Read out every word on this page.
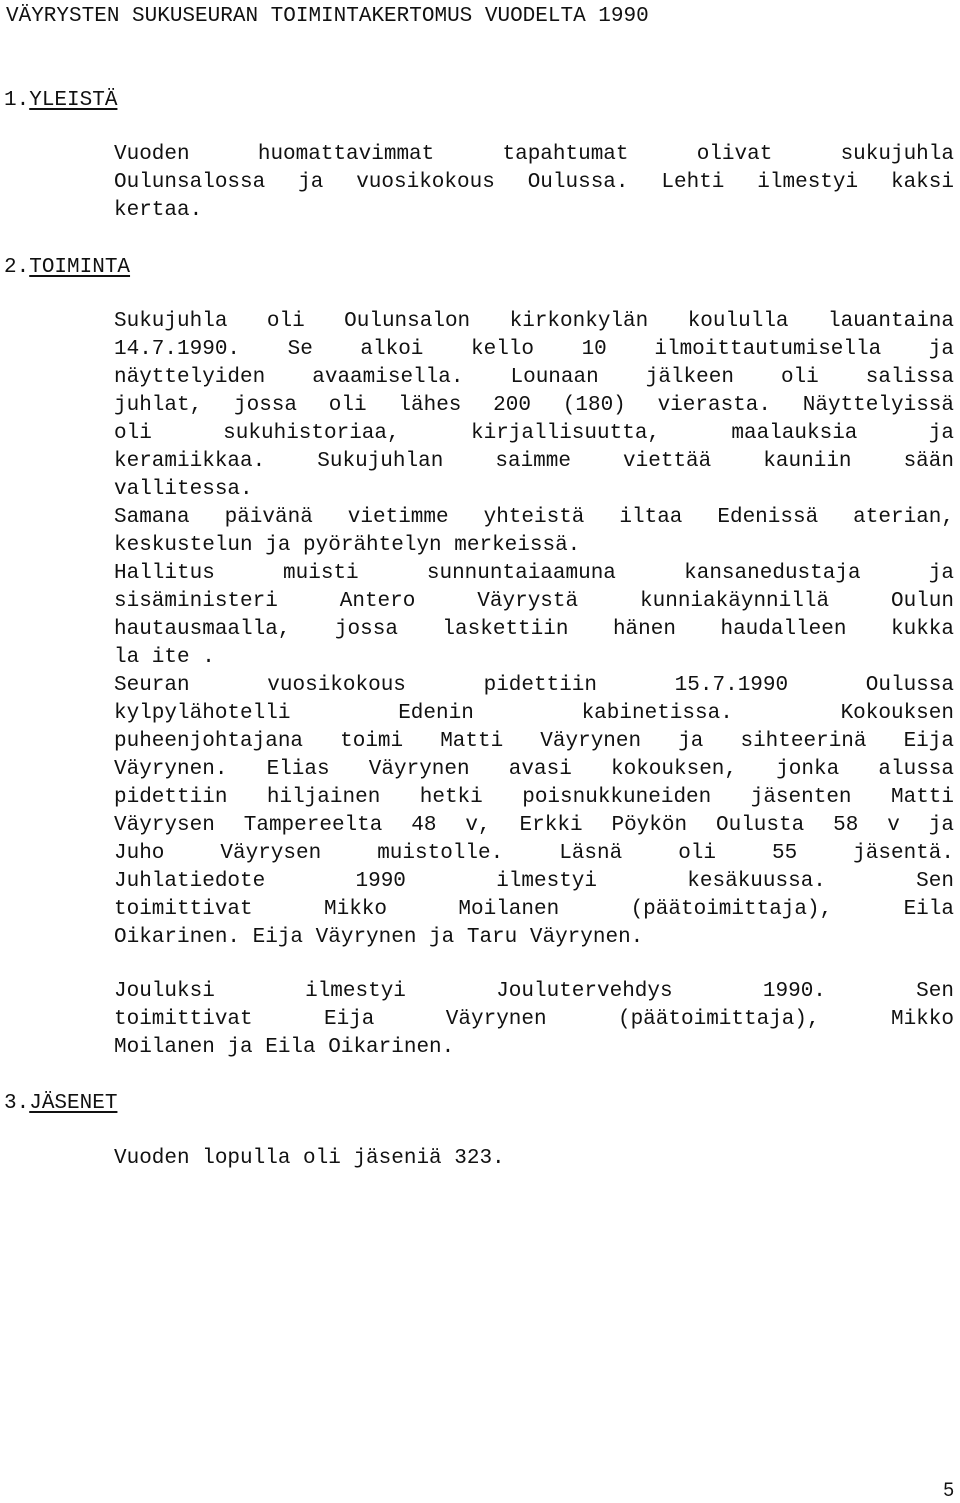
VÄYRYSTEN SUKUSEURAN TOIMINTAKERTOMUS VUODELTA 1990
1.YLEISTÄ
Vuoden huomattavimmat tapahtumat olivat sukujuhla
Oulunsalossa ja vuosikokous Oulussa. Lehti ilmestyi kaksi
kertaa.
2.TOIMINTA
Sukujuhla oli Oulunsalon kirkonkylän koululla lauantaina
14.7.1990. Se alkoi kello 10 ilmoittautumisella ja
näyttelyiden avaamisella. Lounaan jälkeen oli salissa
juhlat, jossa oli lähes 200 (180) vierasta. Näyttelyissä
oli sukuhistoriaa, kirjallisuutta, maalauksia ja
keramiikkaa. Sukujuhlan saimme viettää kauniin sään
vallitessa.
Samana päivänä vietimme yhteistä iltaa Edenissä aterian,
keskustelun ja pyörähtelyn merkeissä.
Hallitus muisti sunnuntaiaamuna kansanedustaja ja
sisäministeri Antero Väyrystä kunniakäynnillä Oulun
hautausmaalla, jossa laskettiin hänen haudalleen kukka
la ite .
Seuran vuosikokous pidettiin 15.7.1990 Oulussa
kylpylähotelli Edenin kabinetissa. Kokouksen
puheenjohtajana toimi Matti Väyrynen ja sihteerinä Eija
Väyrynen. Elias Väyrynen avasi kokouksen, jonka alussa
pidettiin hiljainen hetki poisnukkuneiden jäsenten Matti
Väyrysen Tampereelta 48 v, Erkki Pöykön Oulusta 58 v ja
Juho Väyrysen muistolle. Läsnä oli 55 jäsentä.
Juhlatiedote 1990 ilmestyi kesäkuussa. Sen
toimittivat Mikko Moilanen (päätoimittaja), Eila
Oikarinen. Eija Väyrynen ja Taru Väyrynen.
Jouluksi ilmestyi Joulutervehdys 1990. Sen
toimittivat Eija Väyrynen (päätoimittaja), Mikko
Moilanen ja Eila Oikarinen.
3.JÄSENET
Vuoden lopulla oli jäseniä 323.
5
